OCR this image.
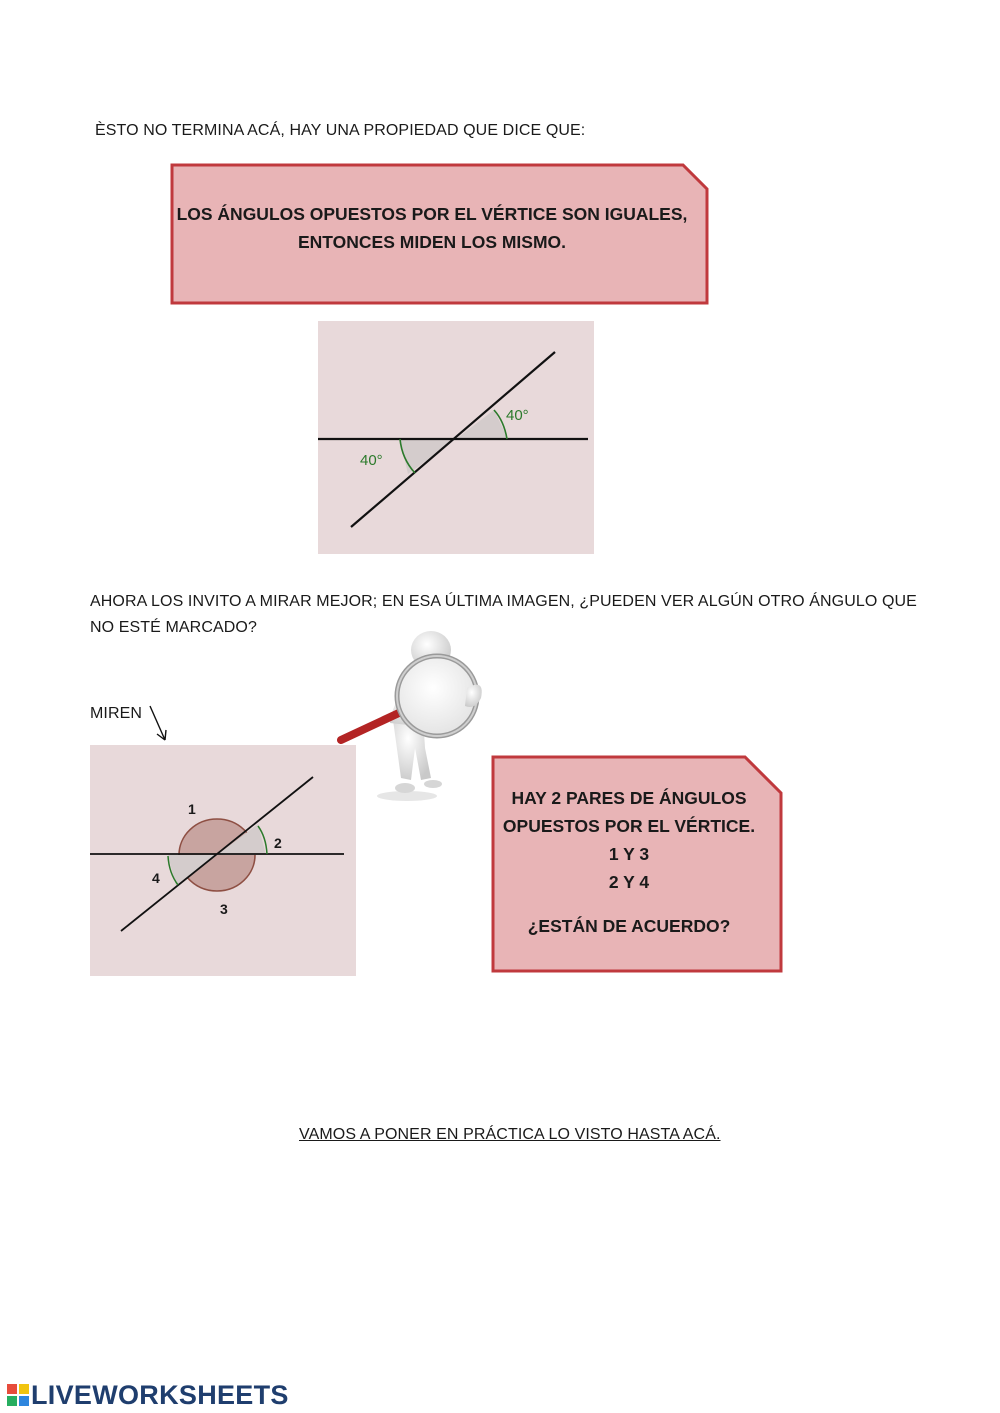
ÈSTO NO TERMINA ACÁ, HAY UNA PROPIEDAD QUE DICE QUE:
LOS ÁNGULOS OPUESTOS POR EL VÉRTICE SON IGUALES,
ENTONCES MIDEN LOS MISMO.
40°
40°
AHORA LOS INVITO A MIRAR MEJOR; EN ESA ÚLTIMA IMAGEN, ¿PUEDEN VER ALGÚN OTRO ÁNGULO QUE
NO ESTÉ MARCADO?
MIREN
1
2
3
4
HAY 2 PARES DE ÁNGULOS
OPUESTOS POR EL VÉRTICE.
1 Y 3
2 Y 4
¿ESTÁN DE ACUERDO?
VAMOS A PONER EN PRÁCTICA LO VISTO HASTA ACÁ.
LIVEWORKSHEETS
